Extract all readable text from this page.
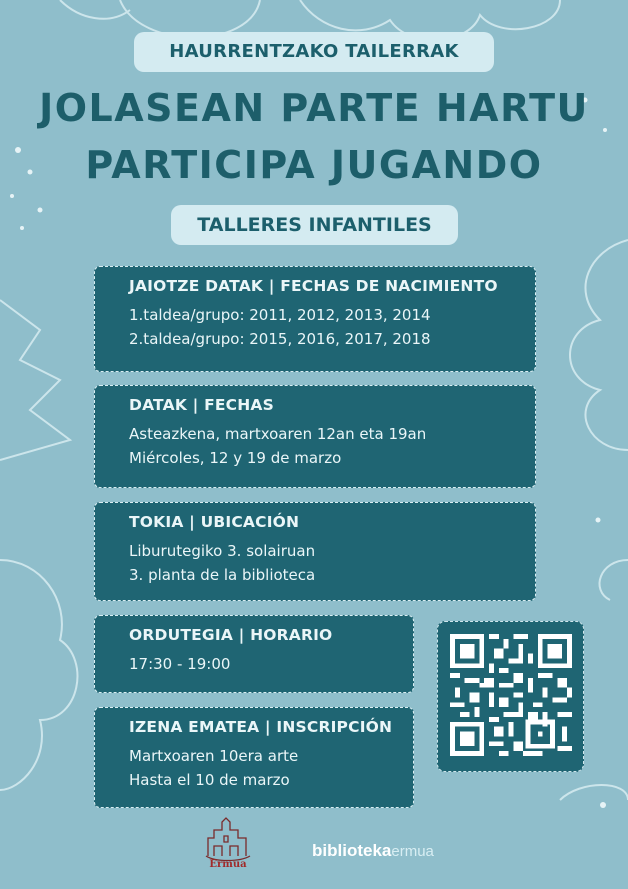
HAURRENTZAKO TAILERRAK
JOLASEAN PARTE HARTU
PARTICIPA JUGANDO
TALLERES INFANTILES
JAIOTZE DATAK | FECHAS DE NACIMIENTO

1.taldea/grupo: 2011, 2012, 2013, 2014

2.taldea/grupo: 2015, 2016, 2017, 2018

DATAK | FECHAS

Asteazkena, martxoaren 12an eta 19an

Miércoles, 12 y 19 de marzo

TOKIA | UBICACIÓN

Liburutegiko 3. solairuan

3. planta de la biblioteca

ORDUTEGIA | HORARIO

17:30 - 19:00

IZENA EMATEA | INSCRIPCIÓN

Martxoaren 10era arte

Hasta el 10 de marzo

Ermua
bibliotekaermua
